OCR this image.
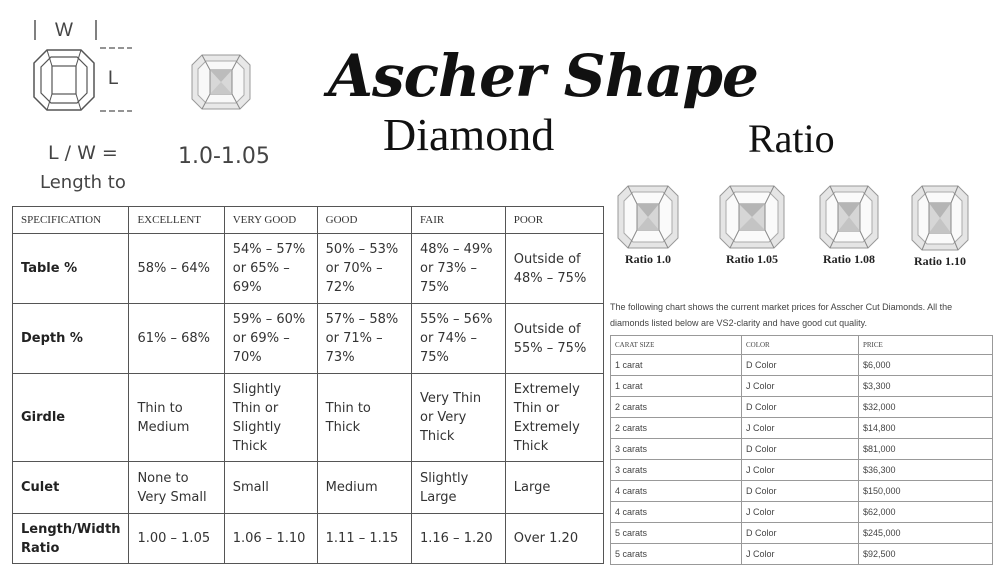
W
L
L / W =
Length to
1.0-1.05
Ascher Shape
Diamond	Ratio
SPECIFICATION	EXCELLENT	VERY GOOD	GOOD	FAIR	POOR
Table %	58% – 64%	54% – 57% or 65% – 69%	50% – 53% or 70% – 72%	48% – 49% or 73% – 75%	Outside of 48% – 75%
Depth %	61% – 68%	59% – 60% or 69% – 70%	57% – 58% or 71% – 73%	55% – 56% or 74% – 75%	Outside of 55% – 75%
Girdle	Thin to Medium	Slightly Thin or Slightly Thick	Thin to Thick	Very Thin or Very Thick	Extremely Thin or Extremely Thick
Culet	None to Very Small	Small	Medium	Slightly Large	Large
Length/Width Ratio	1.00 – 1.05	1.06 – 1.10	1.11 – 1.15	1.16 – 1.20	Over 1.20
Ratio 1.0	Ratio 1.05	Ratio 1.08	Ratio 1.10

The following chart shows the current market prices for Asscher Cut Diamonds. All the diamonds listed below are VS2-clarity and have good cut quality.

CARAT SIZE	COLOR	PRICE
1 carat	D Color	$6,000
1 carat	J Color	$3,300
2 carats	D Color	$32,000
2 carats	J Color	$14,800
3 carats	D Color	$81,000
3 carats	J Color	$36,300
4 carats	D Color	$150,000
4 carats	J Color	$62,000
5 carats	D Color	$245,000
5 carats	J Color	$92,500
